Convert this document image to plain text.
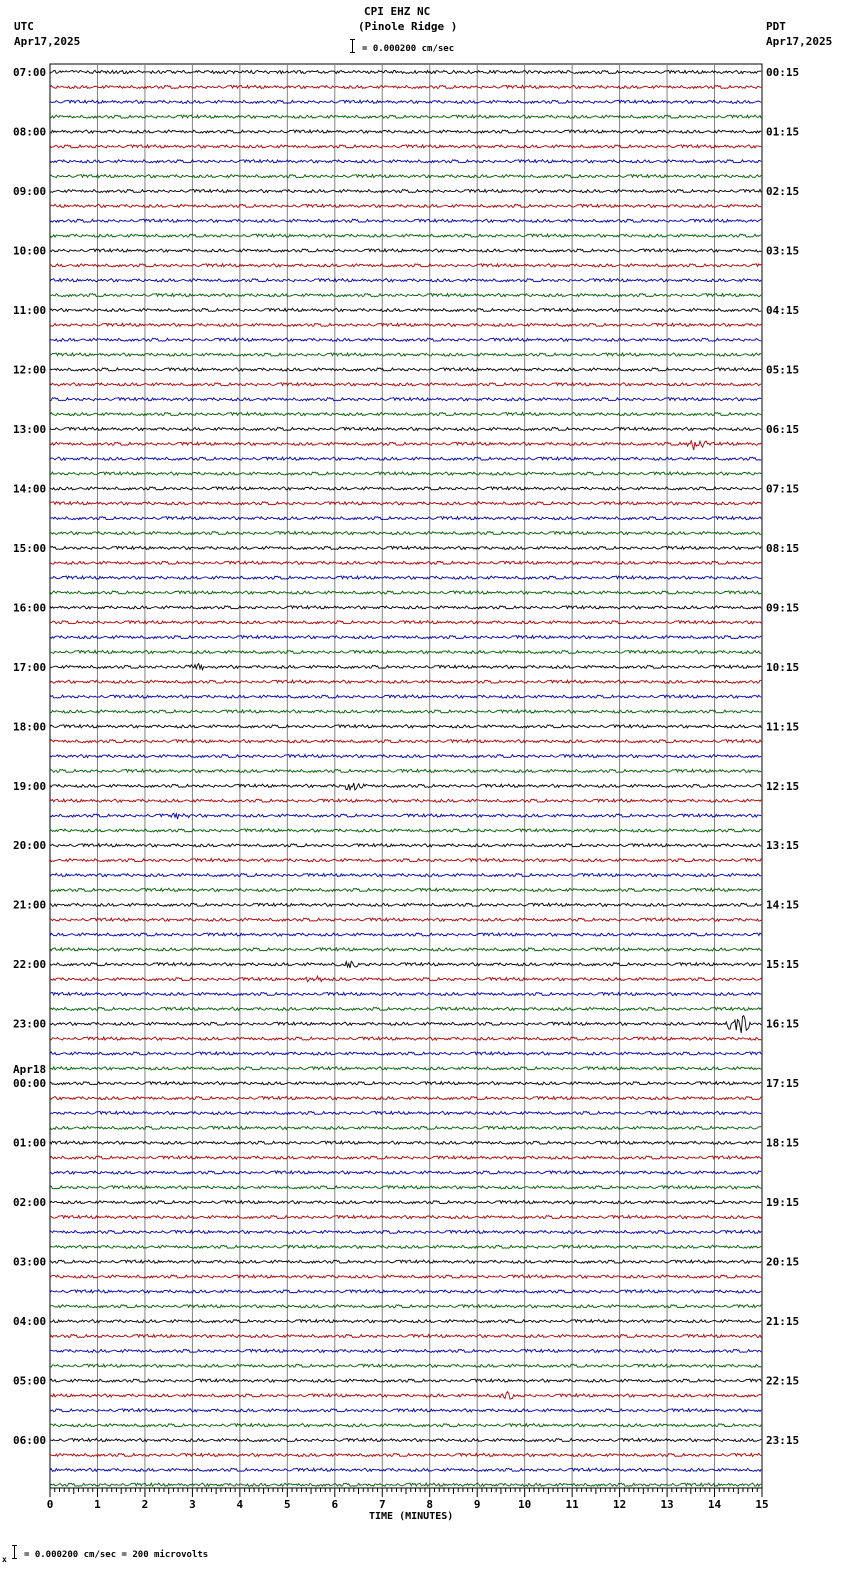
UTC
Apr17,2025
CPI EHZ NC
(Pinole Ridge )
= 0.000200 cm/sec
PDT
Apr17,2025
0	1	2	3	4	5	6	7	8	9	10	11	12	13	14	15
07:00	00:15
08:00	01:15
09:00	02:15
10:00	03:15
11:00	04:15
12:00	05:15
13:00	06:15
14:00	07:15
15:00	08:15
16:00	09:15
17:00	10:15
18:00	11:15
19:00	12:15
20:00	13:15
21:00	14:15
22:00	15:15
23:00	16:15
00:00	17:15
Apr18
01:00	18:15
02:00	19:15
03:00	20:15
04:00	21:15
05:00	22:15
06:00	23:15
TIME (MINUTES)
x = 0.000200 cm/sec = 200 microvolts
